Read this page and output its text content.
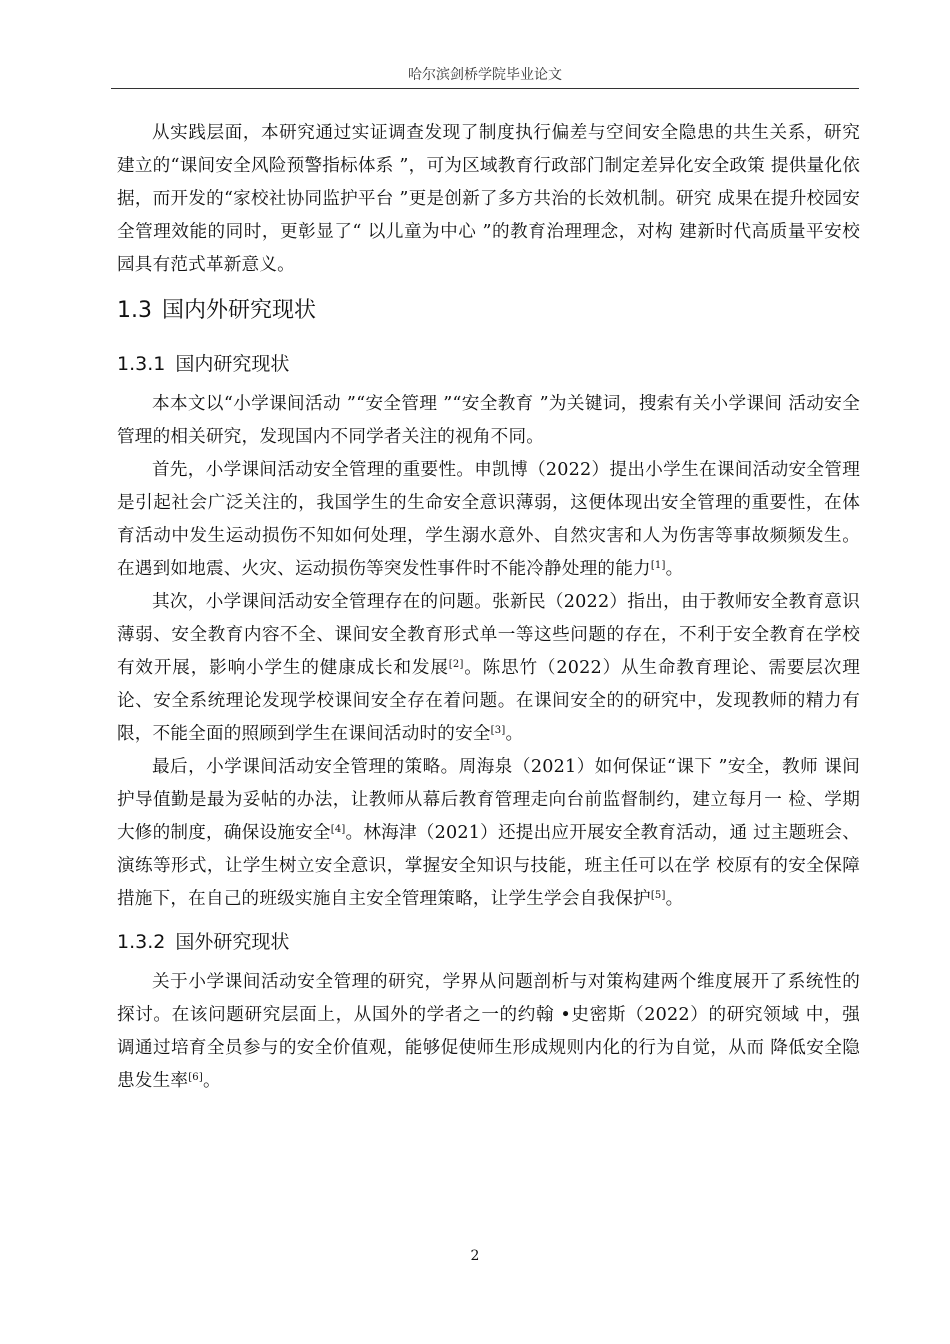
哈尔滨剑桥学院毕业论文

从实践层面，本研究通过实证调查发现了制度执行偏差与空间安全隐患的共生关系，研究建立的“课间安全风险预警指标体系 ”，可为区域教育行政部门制定差异化安全政策 提供量化依据，而开发的“家校社协同监护平台 ”更是创新了多方共治的长效机制。研究 成果在提升校园安全管理效能的同时，更彰显了“ 以儿童为中心 ”的教育治理理念，对构 建新时代高质量平安校园具有范式革新意义。

1.3 国内外研究现状
1.3.1 国内研究现状

本本文以“小学课间活动 ”“安全管理 ”“安全教育 ”为关键词，搜索有关小学课间 活动安全管理的相关研究，发现国内不同学者关注的视角不同。

首先，小学课间活动安全管理的重要性。申凯博（2022）提出小学生在课间活动安全管理是引起社会广泛关注的，我国学生的生命安全意识薄弱，这便体现出安全管理的重要性，在体育活动中发生运动损伤不知如何处理，学生溺水意外、自然灾害和人为伤害等事故频频发生。在遇到如地震、火灾、运动损伤等突发性事件时不能冷静处理的能力[1]。

其次，小学课间活动安全管理存在的问题。张新民（2022）指出，由于教师安全教育意识薄弱、安全教育内容不全、课间安全教育形式单一等这些问题的存在，不利于安全教育在学校有效开展，影响小学生的健康成长和发展[2]。陈思竹（2022）从生命教育理论、需要层次理论、安全系统理论发现学校课间安全存在着问题。在课间安全的的研究中，发现教师的精力有限，不能全面的照顾到学生在课间活动时的安全[3]。

最后，小学课间活动安全管理的策略。周海泉（2021）如何保证“课下 ”安全，教师 课间护导值勤是最为妥帖的办法，让教师从幕后教育管理走向台前监督制约，建立每月一 检、学期大修的制度，确保设施安全[4]。林海津（2021）还提出应开展安全教育活动，通 过主题班会、演练等形式，让学生树立安全意识，掌握安全知识与技能，班主任可以在学 校原有的安全保障措施下，在自己的班级实施自主安全管理策略，让学生学会自我保护[5]。

1.3.2 国外研究现状

关于小学课间活动安全管理的研究，学界从问题剖析与对策构建两个维度展开了系统性的探讨。在该问题研究层面上，从国外的学者之一的约翰 •史密斯（2022）的研究领域 中，强调通过培育全员参与的安全价值观，能够促使师生形成规则内化的行为自觉，从而 降低安全隐患发生率[6]。

2
